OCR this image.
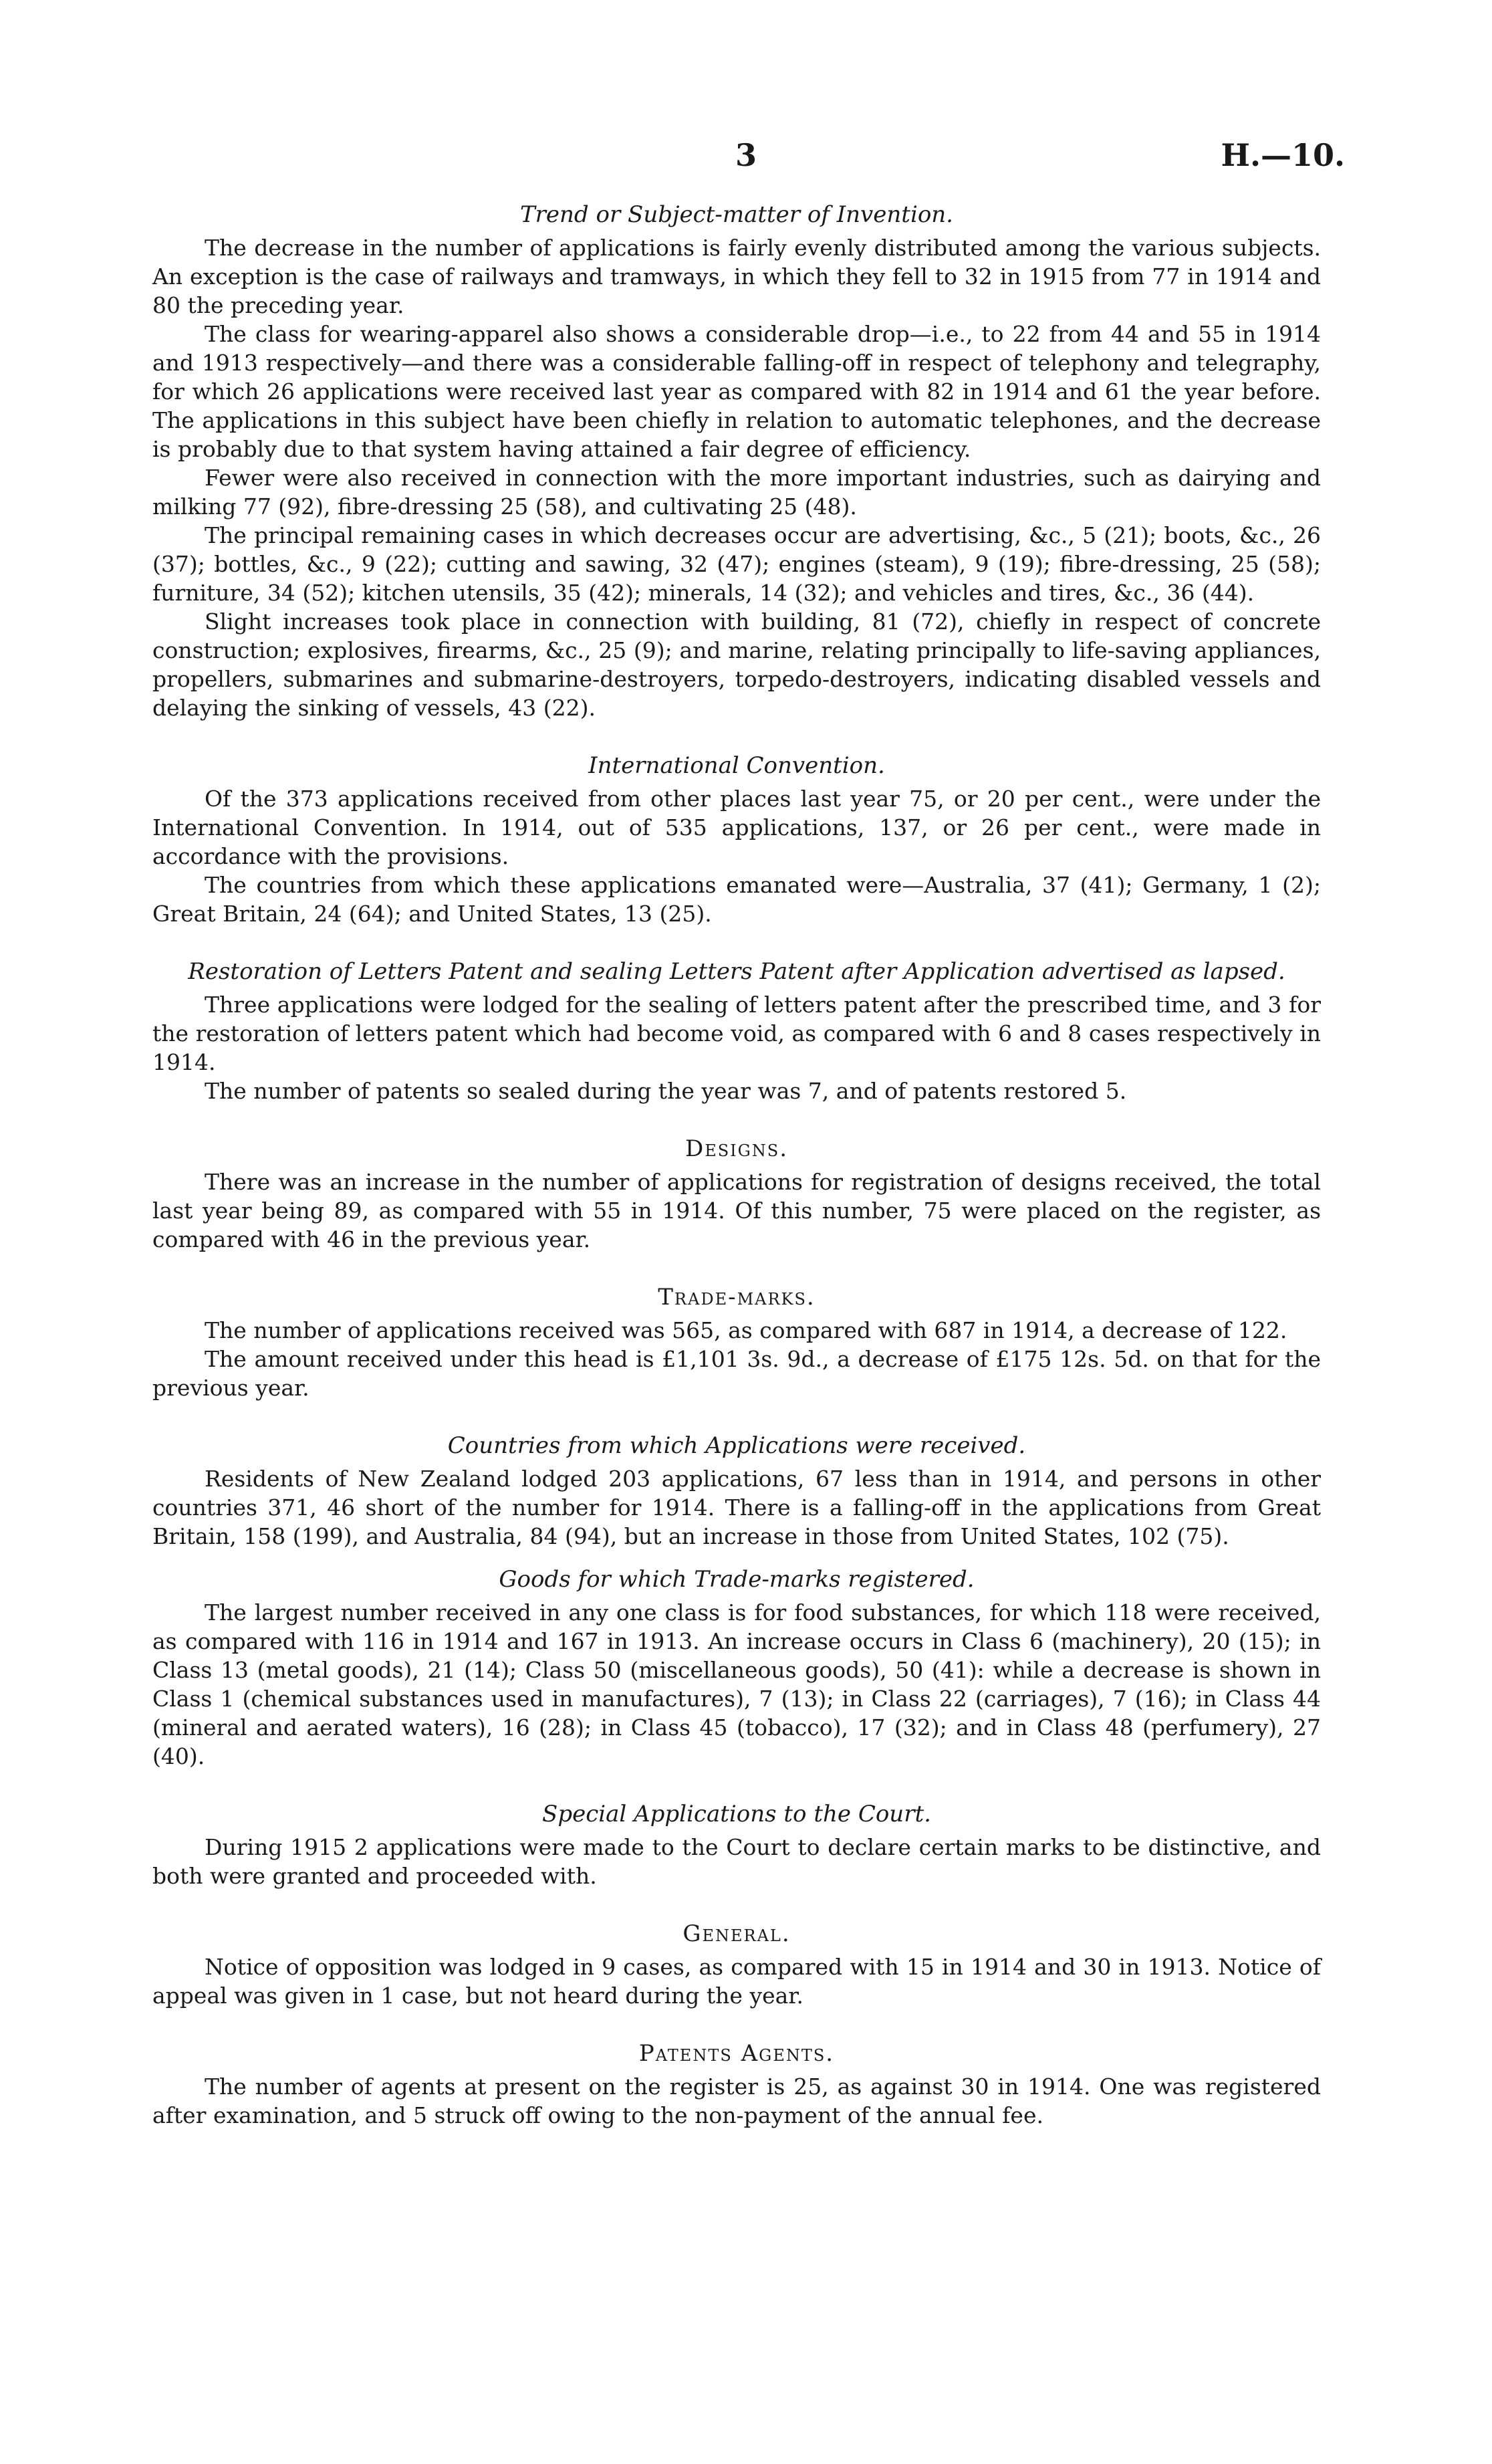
3	H.—10.
Trend or Subject-matter of Invention.

The decrease in the number of applications is fairly evenly distributed among the various subjects. An exception is the case of railways and tramways, in which they fell to 32 in 1915 from 77 in 1914 and 80 the preceding year.

The class for wearing-apparel also shows a considerable drop—i.e., to 22 from 44 and 55 in 1914 and 1913 respectively—and there was a considerable falling-off in respect of telephony and telegraphy, for which 26 applications were received last year as compared with 82 in 1914 and 61 the year before. The applications in this subject have been chiefly in relation to automatic telephones, and the decrease is probably due to that system having attained a fair degree of efficiency.

Fewer were also received in connection with the more important industries, such as dairying and milking 77 (92), fibre-dressing 25 (58), and cultivating 25 (48).

The principal remaining cases in which decreases occur are advertising, &c., 5 (21); boots, &c., 26 (37); bottles, &c., 9 (22); cutting and sawing, 32 (47); engines (steam), 9 (19); fibre-dressing, 25 (58); furniture, 34 (52); kitchen utensils, 35 (42); minerals, 14 (32); and vehicles and tires, &c., 36 (44).

Slight increases took place in connection with building, 81 (72), chiefly in respect of concrete construction; explosives, firearms, &c., 25 (9); and marine, relating principally to life-saving appliances, propellers, submarines and submarine-destroyers, torpedo-destroyers, indicating disabled vessels and delaying the sinking of vessels, 43 (22).

International Convention.

Of the 373 applications received from other places last year 75, or 20 per cent., were under the International Convention. In 1914, out of 535 applications, 137, or 26 per cent., were made in accordance with the provisions.

The countries from which these applications emanated were—Australia, 37 (41); Germany, 1 (2); Great Britain, 24 (64); and United States, 13 (25).

Restoration of Letters Patent and sealing Letters Patent after Application advertised as lapsed.

Three applications were lodged for the sealing of letters patent after the prescribed time, and 3 for the restoration of letters patent which had become void, as compared with 6 and 8 cases respectively in 1914.

The number of patents so sealed during the year was 7, and of patents restored 5.

Designs.

There was an increase in the number of applications for registration of designs received, the total last year being 89, as compared with 55 in 1914. Of this number, 75 were placed on the register, as compared with 46 in the previous year.

Trade-marks.

The number of applications received was 565, as compared with 687 in 1914, a decrease of 122.

The amount received under this head is £1,101 3s. 9d., a decrease of £175 12s. 5d. on that for the previous year.

Countries from which Applications were received.

Residents of New Zealand lodged 203 applications, 67 less than in 1914, and persons in other countries 371, 46 short of the number for 1914. There is a falling-off in the applications from Great Britain, 158 (199), and Australia, 84 (94), but an increase in those from United States, 102 (75).

Goods for which Trade-marks registered.

The largest number received in any one class is for food substances, for which 118 were received, as compared with 116 in 1914 and 167 in 1913. An increase occurs in Class 6 (machinery), 20 (15); in Class 13 (metal goods), 21 (14); Class 50 (miscellaneous goods), 50 (41): while a decrease is shown in Class 1 (chemical substances used in manufactures), 7 (13); in Class 22 (carriages), 7 (16); in Class 44 (mineral and aerated waters), 16 (28); in Class 45 (tobacco), 17 (32); and in Class 48 (perfumery), 27 (40).

Special Applications to the Court.

During 1915 2 applications were made to the Court to declare certain marks to be distinctive, and both were granted and proceeded with.

General.

Notice of opposition was lodged in 9 cases, as compared with 15 in 1914 and 30 in 1913. Notice of appeal was given in 1 case, but not heard during the year.

Patents Agents.

The number of agents at present on the register is 25, as against 30 in 1914. One was registered after examination, and 5 struck off owing to the non-payment of the annual fee.
